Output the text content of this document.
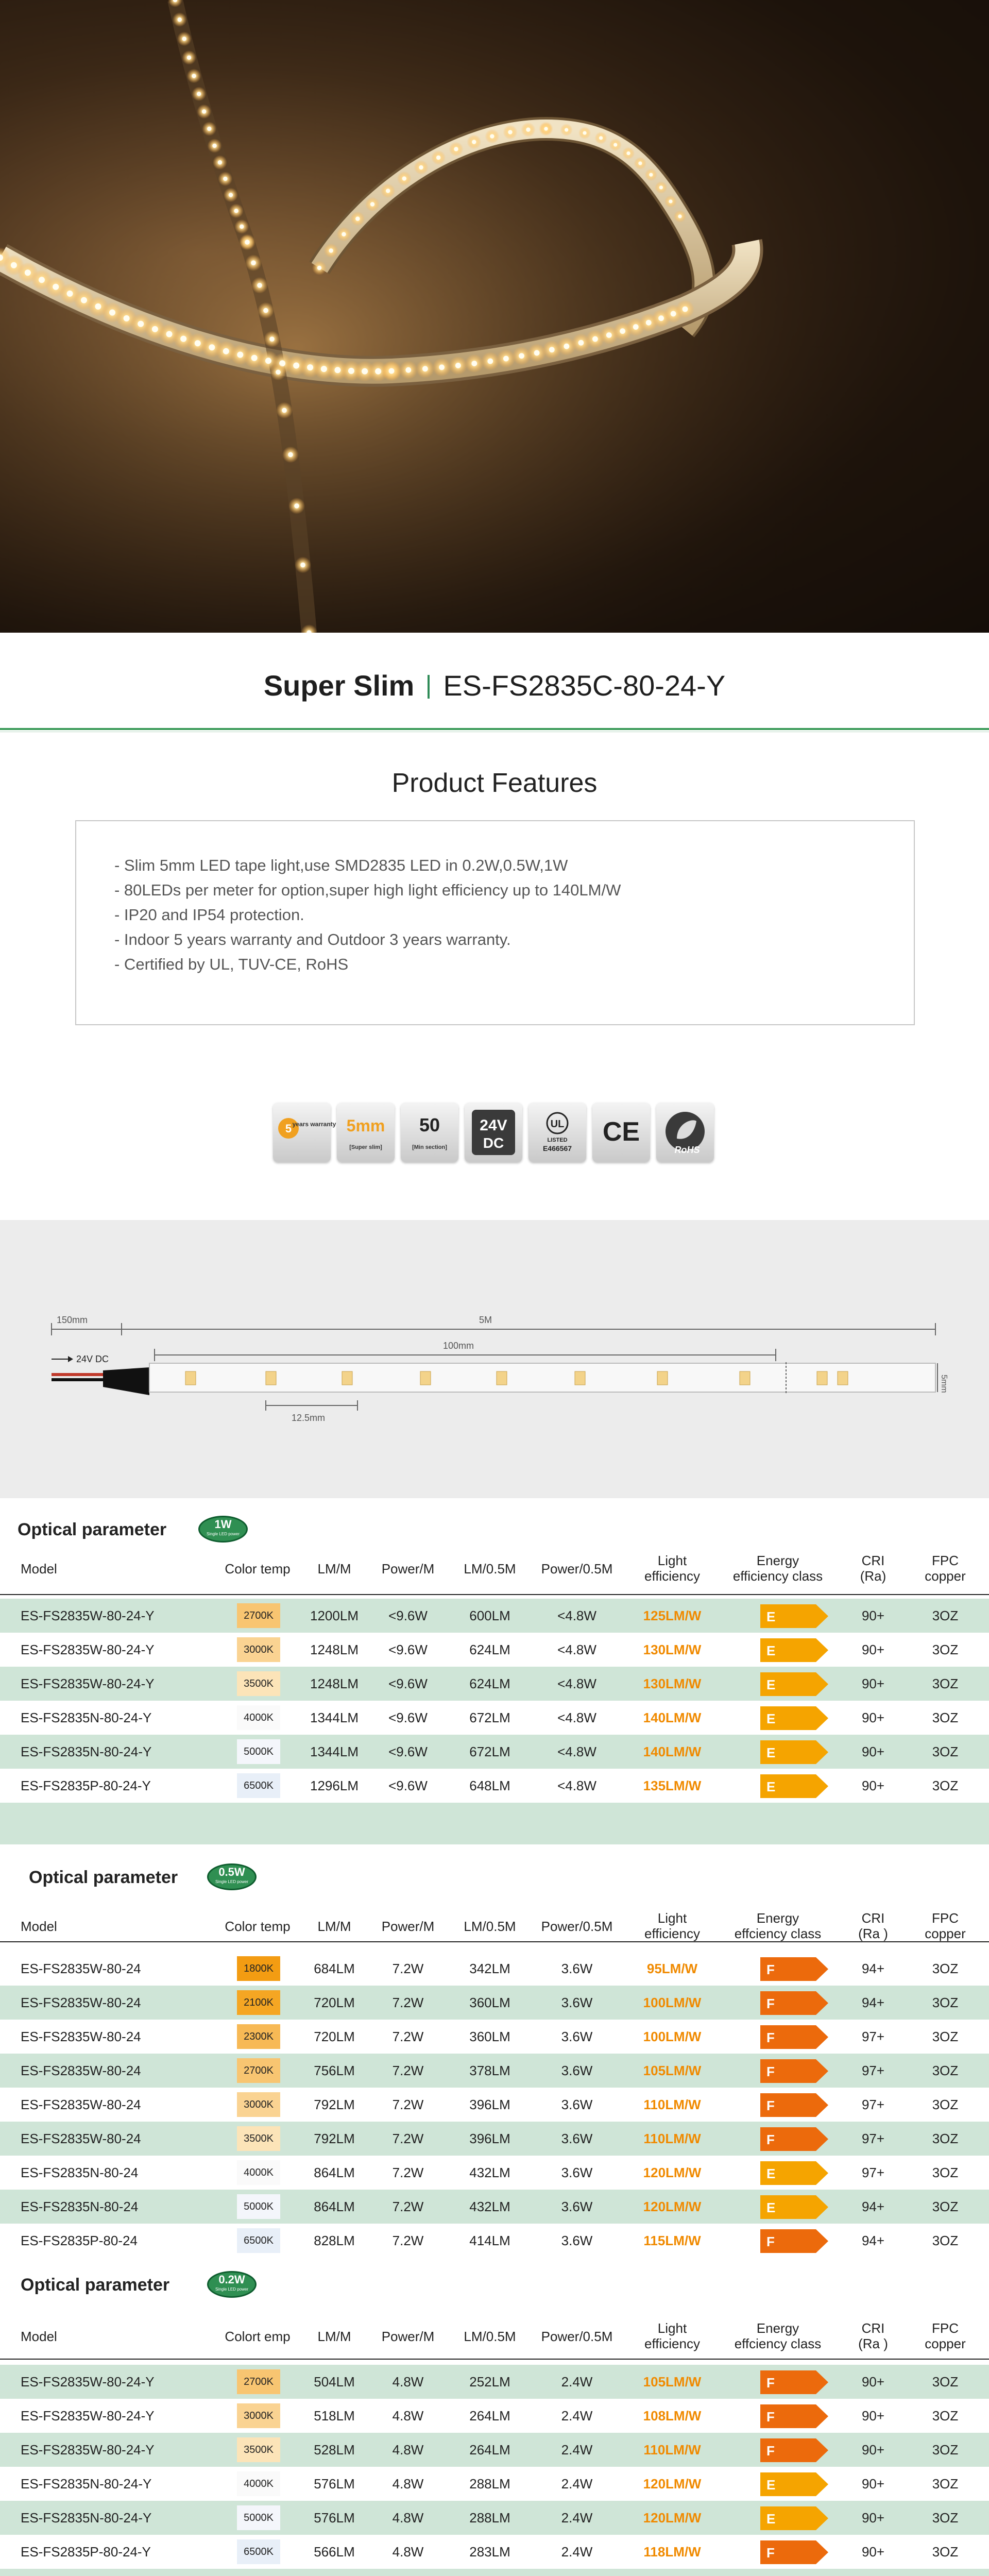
Super Slim ES-FS2835C-80-24-Y
Product Features
- Slim 5mm LED tape light,use SMD2835 LED in 0.2W,0.5W,1W
- 80LEDs per meter for option,super high light efficiency up to 140LM/W
- IP20 and IP54 protection.
- Indoor 5 years warranty and Outdoor 3 years warranty.
- Certified by UL, TUV-CE, RoHS
5 years warranty 5mm
[Super slim]
50
[Min section]
24V
DC
UL
LISTED
E466567
CE
RoHS
150mm	5M
100mm
24V DC
5mm
12.5mm
Optical parameter	1W
Single LED power
Model	Color temp	LM/M	Power/M	LM/0.5M	Power/0.5M
Light
efficiency
Energy
efficiency class
CRI
(Ra)
FPC
copper
ES-FS2835W-80-24-Y	2700K	1200LM	<9.6W	600LM	<4.8W	125LM/W	E	90+	3OZ
ES-FS2835W-80-24-Y	3000K	1248LM	<9.6W	624LM	<4.8W	130LM/W	E	90+	3OZ
ES-FS2835W-80-24-Y	3500K	1248LM	<9.6W	624LM	<4.8W	130LM/W	E	90+	3OZ
ES-FS2835N-80-24-Y	4000K	1344LM	<9.6W	672LM	<4.8W	140LM/W	E	90+	3OZ
ES-FS2835N-80-24-Y	5000K	1344LM	<9.6W	672LM	<4.8W	140LM/W	E	90+	3OZ
ES-FS2835P-80-24-Y	6500K	1296LM	<9.6W	648LM	<4.8W	135LM/W	E	90+	3OZ
Optical parameter	0.5W
Single LED power
Model	Color temp	LM/M	Power/M	LM/0.5M	Power/0.5M
Light
efficiency
Energy
effciency class
CRI
(Ra )
FPC
copper
ES-FS2835W-80-24	1800K	684LM	7.2W	342LM	3.6W	95LM/W	F	94+	3OZ
ES-FS2835W-80-24	2100K	720LM	7.2W	360LM	3.6W	100LM/W	F	94+	3OZ
ES-FS2835W-80-24	2300K	720LM	7.2W	360LM	3.6W	100LM/W	F	97+	3OZ
ES-FS2835W-80-24	2700K	756LM	7.2W	378LM	3.6W	105LM/W	F	97+	3OZ
ES-FS2835W-80-24	3000K	792LM	7.2W	396LM	3.6W	110LM/W	F	97+	3OZ
ES-FS2835W-80-24	3500K	792LM	7.2W	396LM	3.6W	110LM/W	F	97+	3OZ
ES-FS2835N-80-24	4000K	864LM	7.2W	432LM	3.6W	120LM/W	E	97+	3OZ
ES-FS2835N-80-24	5000K	864LM	7.2W	432LM	3.6W	120LM/W	E	94+	3OZ
ES-FS2835P-80-24	6500K	828LM	7.2W	414LM	3.6W	115LM/W	F	94+	3OZ
Optical parameter	0.2W
Single LED power
Model	Colort emp	LM/M	Power/M	LM/0.5M	Power/0.5M
Light
efficiency
Energy
effciency class
CRI
(Ra )
FPC
copper
ES-FS2835W-80-24-Y	2700K	504LM	4.8W	252LM	2.4W	105LM/W	F	90+	3OZ
ES-FS2835W-80-24-Y	3000K	518LM	4.8W	264LM	2.4W	108LM/W	F	90+	3OZ
ES-FS2835W-80-24-Y	3500K	528LM	4.8W	264LM	2.4W	110LM/W	F	90+	3OZ
ES-FS2835N-80-24-Y	4000K	576LM	4.8W	288LM	2.4W	120LM/W	E	90+	3OZ
ES-FS2835N-80-24-Y	5000K	576LM	4.8W	288LM	2.4W	120LM/W	E	90+	3OZ
ES-FS2835P-80-24-Y	6500K	566LM	4.8W	283LM	2.4W	118LM/W	F	90+	3OZ
